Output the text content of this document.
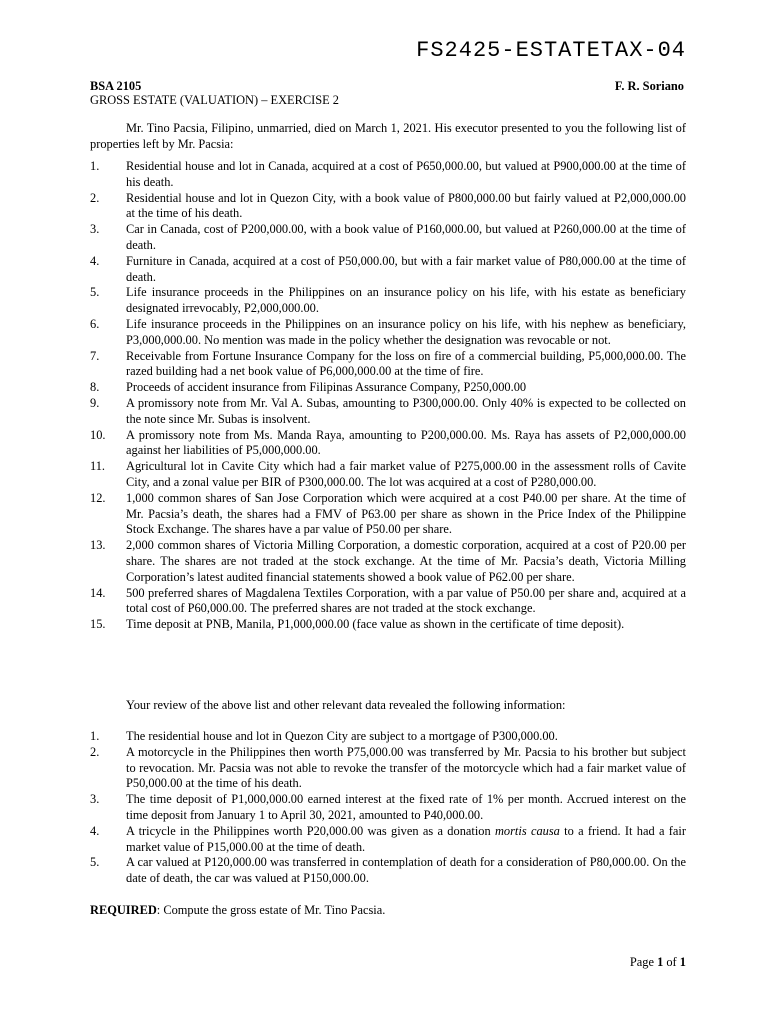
FS2425-ESTATETAX-04
BSA 2105	F. R. Soriano
GROSS ESTATE (VALUATION) – EXERCISE 2

Mr. Tino Pacsia, Filipino, unmarried, died on March 1, 2021. His executor presented to you the following list of properties left by Mr. Pacsia:

1. Residential house and lot in Canada, acquired at a cost of P650,000.00, but valued at P900,000.00 at the time of his death.
2. Residential house and lot in Quezon City, with a book value of P800,000.00 but fairly valued at P2,000,000.00 at the time of his death.
3. Car in Canada, cost of P200,000.00, with a book value of P160,000.00, but valued at P260,000.00 at the time of death.
4. Furniture in Canada, acquired at a cost of P50,000.00, but with a fair market value of P80,000.00 at the time of death.
5. Life insurance proceeds in the Philippines on an insurance policy on his life, with his estate as beneficiary designated irrevocably, P2,000,000.00.
6. Life insurance proceeds in the Philippines on an insurance policy on his life, with his nephew as beneficiary, P3,000,000.00. No mention was made in the policy whether the designation was revocable or not.
7. Receivable from Fortune Insurance Company for the loss on fire of a commercial building, P5,000,000.00. The razed building had a net book value of P6,000,000.00 at the time of fire.
8. Proceeds of accident insurance from Filipinas Assurance Company, P250,000.00
9. A promissory note from Mr. Val A. Subas, amounting to P300,000.00. Only 40% is expected to be collected on the note since Mr. Subas is insolvent.
10. A promissory note from Ms. Manda Raya, amounting to P200,000.00. Ms. Raya has assets of P2,000,000.00 against her liabilities of P5,000,000.00.
11. Agricultural lot in Cavite City which had a fair market value of P275,000.00 in the assessment rolls of Cavite City, and a zonal value per BIR of P300,000.00. The lot was acquired at a cost of P280,000.00.
12. 1,000 common shares of San Jose Corporation which were acquired at a cost P40.00 per share. At the time of Mr. Pacsia’s death, the shares had a FMV of P63.00 per share as shown in the Price Index of the Philippine Stock Exchange. The shares have a par value of P50.00 per share.
13. 2,000 common shares of Victoria Milling Corporation, a domestic corporation, acquired at a cost of P20.00 per share. The shares are not traded at the stock exchange. At the time of Mr. Pacsia’s death, Victoria Milling Corporation’s latest audited financial statements showed a book value of P62.00 per share.
14. 500 preferred shares of Magdalena Textiles Corporation, with a par value of P50.00 per share and, acquired at a total cost of P60,000.00. The preferred shares are not traded at the stock exchange.
15. Time deposit at PNB, Manila, P1,000,000.00 (face value as shown in the certificate of time deposit).

Your review of the above list and other relevant data revealed the following information:

1. The residential house and lot in Quezon City are subject to a mortgage of P300,000.00.
2. A motorcycle in the Philippines then worth P75,000.00 was transferred by Mr. Pacsia to his brother but subject to revocation. Mr. Pacsia was not able to revoke the transfer of the motorcycle which had a fair market value of P50,000.00 at the time of his death.
3. The time deposit of P1,000,000.00 earned interest at the fixed rate of 1% per month. Accrued interest on the time deposit from January 1 to April 30, 2021, amounted to P40,000.00.
4. A tricycle in the Philippines worth P20,000.00 was given as a donation mortis causa to a friend. It had a fair market value of P15,000.00 at the time of death.
5. A car valued at P120,000.00 was transferred in contemplation of death for a consideration of P80,000.00. On the date of death, the car was valued at P150,000.00.

REQUIRED: Compute the gross estate of Mr. Tino Pacsia.

Page 1 of 1
